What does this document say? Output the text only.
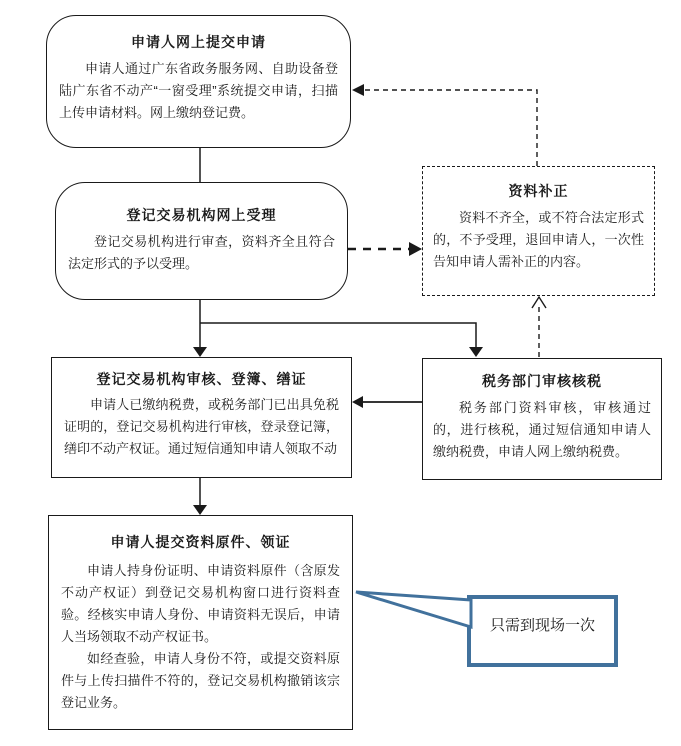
申请人网上提交申请
申请人通过广东省政务服务网、自助设备登陆广东省不动产“一窗受理”系统提交申请，扫描上传申请材料。网上缴纳登记费。
登记交易机构网上受理
登记交易机构进行审查，资料齐全且符合法定形式的予以受理。
资料补正
资料不齐全，或不符合法定形式的，不予受理，退回申请人，一次性告知申请人需补正的内容。
登记交易机构审核、登簿、缮证
申请人已缴纳税费，或税务部门已出具免税证明的，登记交易机构进行审核，登录登记簿，缮印不动产权证。通过短信通知申请人领取不动
税务部门审核核税
税务部门资料审核，审核通过的，进行核税，通过短信通知申请人缴纳税费，申请人网上缴纳税费。
申请人提交资料原件、领证
申请人持身份证明、申请资料原件（含原发不动产权证）到登记交易机构窗口进行资料查验。经核实申请人身份、申请资料无误后，申请人当场领取不动产权证书。
如经查验，申请人身份不符，或提交资料原件与上传扫描件不符的，登记交易机构撤销该宗登记业务。
只需到现场一次
